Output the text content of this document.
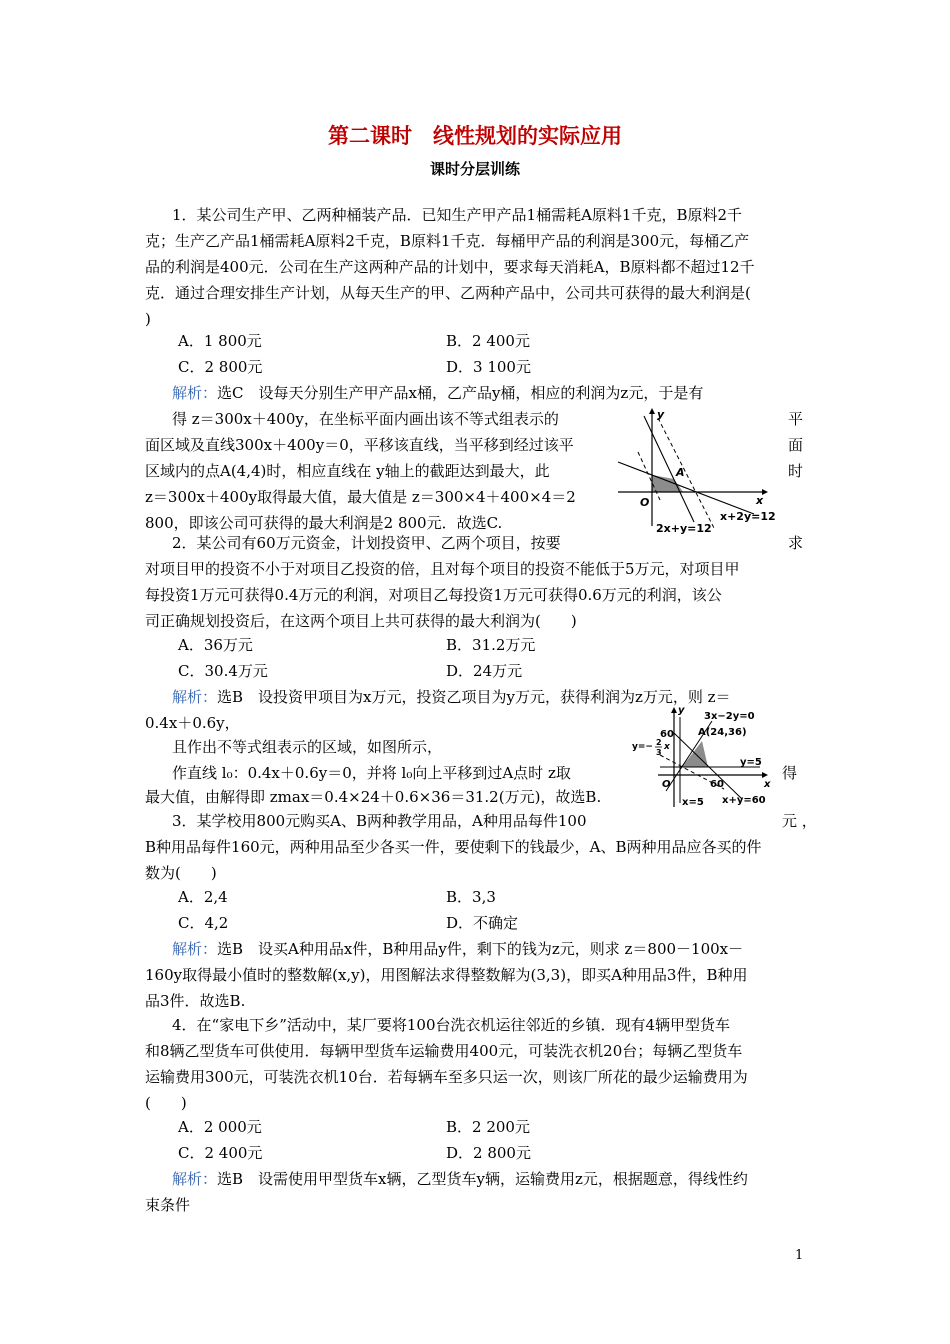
第二课时　线性规划的实际应用
课时分层训练
1．某公司生产甲、乙两种桶装产品．已知生产甲产品1桶需耗A原料1千克，B原料2千
克；生产乙产品1桶需耗A原料2千克，B原料1千克．每桶甲产品的利润是300元，每桶乙产
品的利润是400元．公司在生产这两种产品的计划中，要求每天消耗A，B原料都不超过12千
克．通过合理安排生产计划，从每天生产的甲、乙两种产品中，公司共可获得的最大利润是(
)
A．1 800元	B．2 400元
C．2 800元	D．3 100元
解析：选C　设每天分别生产甲产品x桶，乙产品y桶，相应的利润为z元，于是有
得 z＝300x＋400y，在坐标平面内画出该不等式组表示的	平
面区域及直线300x＋400y＝0，平移该直线，当平移到经过该平	面
区域内的点A(4,4)时，相应直线在 y轴上的截距达到最大，此	时
z＝300x＋400y取得最大值，最大值是 z＝300×4＋400×4＝2
800，即该公司可获得的最大利润是2 800元．故选C.
y
x
O
A
2x+y=12
x+2y=12
2．某公司有60万元资金，计划投资甲、乙两个项目，按要	求
对项目甲的投资不小于对项目乙投资的倍，且对每个项目的投资不能低于5万元，对项目甲
每投资1万元可获得0.4万元的利润，对项目乙每投资1万元可获得0.6万元的利润，该公
司正确规划投资后，在这两个项目上共可获得的最大利润为(　　)
A．36万元	B．31.2万元
C．30.4万元	D．24万元
解析：选B　设投资甲项目为x万元，投资乙项目为y万元，获得利润为z万元，则 z＝
0.4x＋0.6y，
且作出不等式组表示的区域，如图所示，
作直线 l₀：0.4x＋0.6y＝0，并将 l₀向上平移到过A点时 z取	得
最大值，由解得即 zmax＝0.4×24＋0.6×36＝31.2(万元)，故选B.
y
x
O
60
60
3x−2y=0
A(24,36)
y=− 2
3
x
y=5
x=5 x+y=60
3．某学校用800元购买A、B两种教学用品，A种用品每件100	元 ，
B种用品每件160元，两种用品至少各买一件，要使剩下的钱最少，A、B两种用品应各买的件
数为(　　)
A．2,4	B．3,3
C．4,2	D．不确定
解析：选B　设买A种用品x件，B种用品y件，剩下的钱为z元，则求 z＝800－100x－
160y取得最小值时的整数解(x,y)，用图解法求得整数解为(3,3)，即买A种用品3件，B种用
品3件．故选B.
4．在“家电下乡”活动中，某厂要将100台洗衣机运往邻近的乡镇．现有4辆甲型货车
和8辆乙型货车可供使用．每辆甲型货车运输费用400元，可装洗衣机20台；每辆乙型货车
运输费用300元，可装洗衣机10台．若每辆车至多只运一次，则该厂所花的最少运输费用为
(　　)
A．2 000元	B．2 200元
C．2 400元	D．2 800元
解析：选B　设需使用甲型货车x辆，乙型货车y辆，运输费用z元，根据题意，得线性约
束条件
1
